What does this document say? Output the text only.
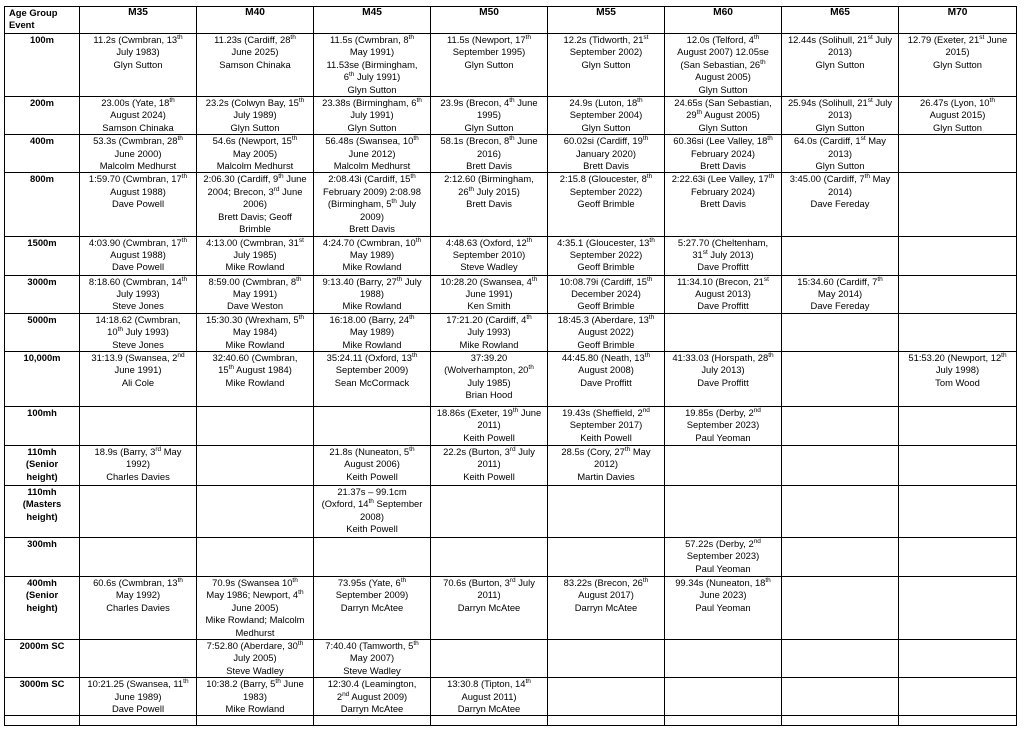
Age Group
Event	M35	M40	M45	M50	M55	M60	M65	M70

100m	11.2s (Cwmbran, 13th
July 1983)
Glyn Sutton	11.23s (Cardiff, 28th
June 2025)
Samson Chinaka	11.5s (Cwmbran, 8th
May 1991)
11.53se (Birmingham,
6th July 1991)
Glyn Sutton	11.5s (Newport, 17th
September 1995)
Glyn Sutton	12.2s (Tidworth, 21st
September 2002)
Glyn Sutton	12.0s (Telford, 4th
August 2007) 12.05se
(San Sebastian, 26th
August 2005)
Glyn Sutton	12.44s (Solihull, 21st July
2013)
Glyn Sutton	12.79 (Exeter, 21st June
2015)
Glyn Sutton

200m	23.00s (Yate, 18th
August 2024)
Samson Chinaka	23.2s (Colwyn Bay, 15th
July 1989)
Glyn Sutton	23.38s (Birmingham, 6th
July 1991)
Glyn Sutton	23.9s (Brecon, 4th June
1995)
Glyn Sutton	24.9s (Luton, 18th
September 2004)
Glyn Sutton	24.65s (San Sebastian,
29th August 2005)
Glyn Sutton	25.94s (Solihull, 21st July
2013)
Glyn Sutton	26.47s (Lyon, 10th
August 2015)
Glyn Sutton

400m	53.3s (Cwmbran, 28th
June 2000)
Malcolm Medhurst	54.6s (Newport, 15th
May 2005)
Malcolm Medhurst	56.48s (Swansea, 10th
June 2012)
Malcolm Medhurst	58.1s (Brecon, 8th June
2016)
Brett Davis	60.02si (Cardiff, 19th
January 2020)
Brett Davis	60.36si (Lee Valley, 18th
February 2024)
Brett Davis	64.0s (Cardiff, 1st May
2013)
Glyn Sutton	

800m	1:59.70 (Cwmbran, 17th
August 1988)
Dave Powell	2:06.30 (Cardiff, 9th June
2004; Brecon, 3rd June
2006)
Brett Davis; Geoff
Brimble	2:08.43i (Cardiff, 15th
February 2009) 2:08.98
(Birmingham, 5th July
2009)
Brett Davis	2:12.60 (Birmingham,
26th July 2015)
Brett Davis	2:15.8 (Gloucester, 8th
September 2022)
Geoff Brimble	2:22.63i (Lee Valley, 17th
February 2024)
Brett Davis	3:45.00 (Cardiff, 7th May
2014)
Dave Fereday	

1500m	4:03.90 (Cwmbran, 17th
August 1988)
Dave Powell	4:13.00 (Cwmbran, 31st
July 1985)
Mike Rowland	4:24.70 (Cwmbran, 10th
May 1989)
Mike Rowland	4:48.63 (Oxford, 12th
September 2010)
Steve Wadley	4:35.1 (Gloucester, 13th
September 2022)
Geoff Brimble	5:27.70 (Cheltenham,
31st July 2013)
Dave Proffitt		

3000m	8:18.60 (Cwmbran, 14th
July 1993)
Steve Jones	8:59.00 (Cwmbran, 8th
May 1991)
Dave Weston	9:13.40 (Barry, 27th July
1988)
Mike Rowland	10:28.20 (Swansea, 4th
June 1991)
Ken Smith	10:08.79i (Cardiff, 15th
December 2024)
Geoff Brimble	11:34.10 (Brecon, 21st
August 2013)
Dave Proffitt	15:34.60 (Cardiff, 7th
May 2014)
Dave Fereday	

5000m	14:18.62 (Cwmbran,
10th July 1993)
Steve Jones	15:30.30 (Wrexham, 5th
May 1984)
Mike Rowland	16:18.00 (Barry, 24th
May 1989)
Mike Rowland	17:21.20 (Cardiff, 4th
July 1993)
Mike Rowland	18:45.3 (Aberdare, 13th
August 2022)
Geoff Brimble			

10,000m	31:13.9 (Swansea, 2nd
June 1991)
Ali Cole	32:40.60 (Cwmbran,
15th August 1984)
Mike Rowland	35:24.11 (Oxford, 13th
September 2009)
Sean McCormack	37:39.20
(Wolverhampton, 20th
July 1985)
Brian Hood	44:45.80 (Neath, 13th
August 2008)
Dave Proffitt	41:33.03 (Horspath, 28th
July 2013)
Dave Proffitt		51:53.20 (Newport, 12th
July 1998)
Tom Wood

100mh				18.86s (Exeter, 19th June
2011)
Keith Powell	19.43s (Sheffield, 2nd
September 2017)
Keith Powell	19.85s (Derby, 2nd
September 2023)
Paul Yeoman		

110mh
(Senior
height)	18.9s (Barry, 3rd May
1992)
Charles Davies		21.8s (Nuneaton, 5th
August 2006)
Keith Powell	22.2s (Burton, 3rd July
2011)
Keith Powell	28.5s (Cory, 27th May
2012)
Martin Davies			

110mh
(Masters
height)			21.37s – 99.1cm
(Oxford, 14th September
2008)
Keith Powell					

300mh						57.22s (Derby, 2nd
September 2023)
Paul Yeoman		

400mh
(Senior
height)	60.6s (Cwmbran, 13th
May 1992)
Charles Davies	70.9s (Swansea 10th
May 1986; Newport, 4th
June 2005)
Mike Rowland; Malcolm
Medhurst	73.95s (Yate, 6th
September 2009)
Darryn McAtee	70.6s (Burton, 3rd July
2011)
Darryn McAtee	83.22s (Brecon, 26th
August 2017)
Darryn McAtee	99.34s (Nuneaton, 18th
June 2023)
Paul Yeoman		

2000m SC		7:52.80 (Aberdare, 30th
July 2005)
Steve Wadley	7:40.40 (Tamworth, 5th
May 2007)
Steve Wadley					

3000m SC	10:21.25 (Swansea, 11th
June 1989)
Dave Powell	10:38.2 (Barry, 5th June
1983)
Mike Rowland	12:30.4 (Leamington,
2nd August 2009)
Darryn McAtee	13:30.8 (Tipton, 14th
August 2011)
Darryn McAtee				
